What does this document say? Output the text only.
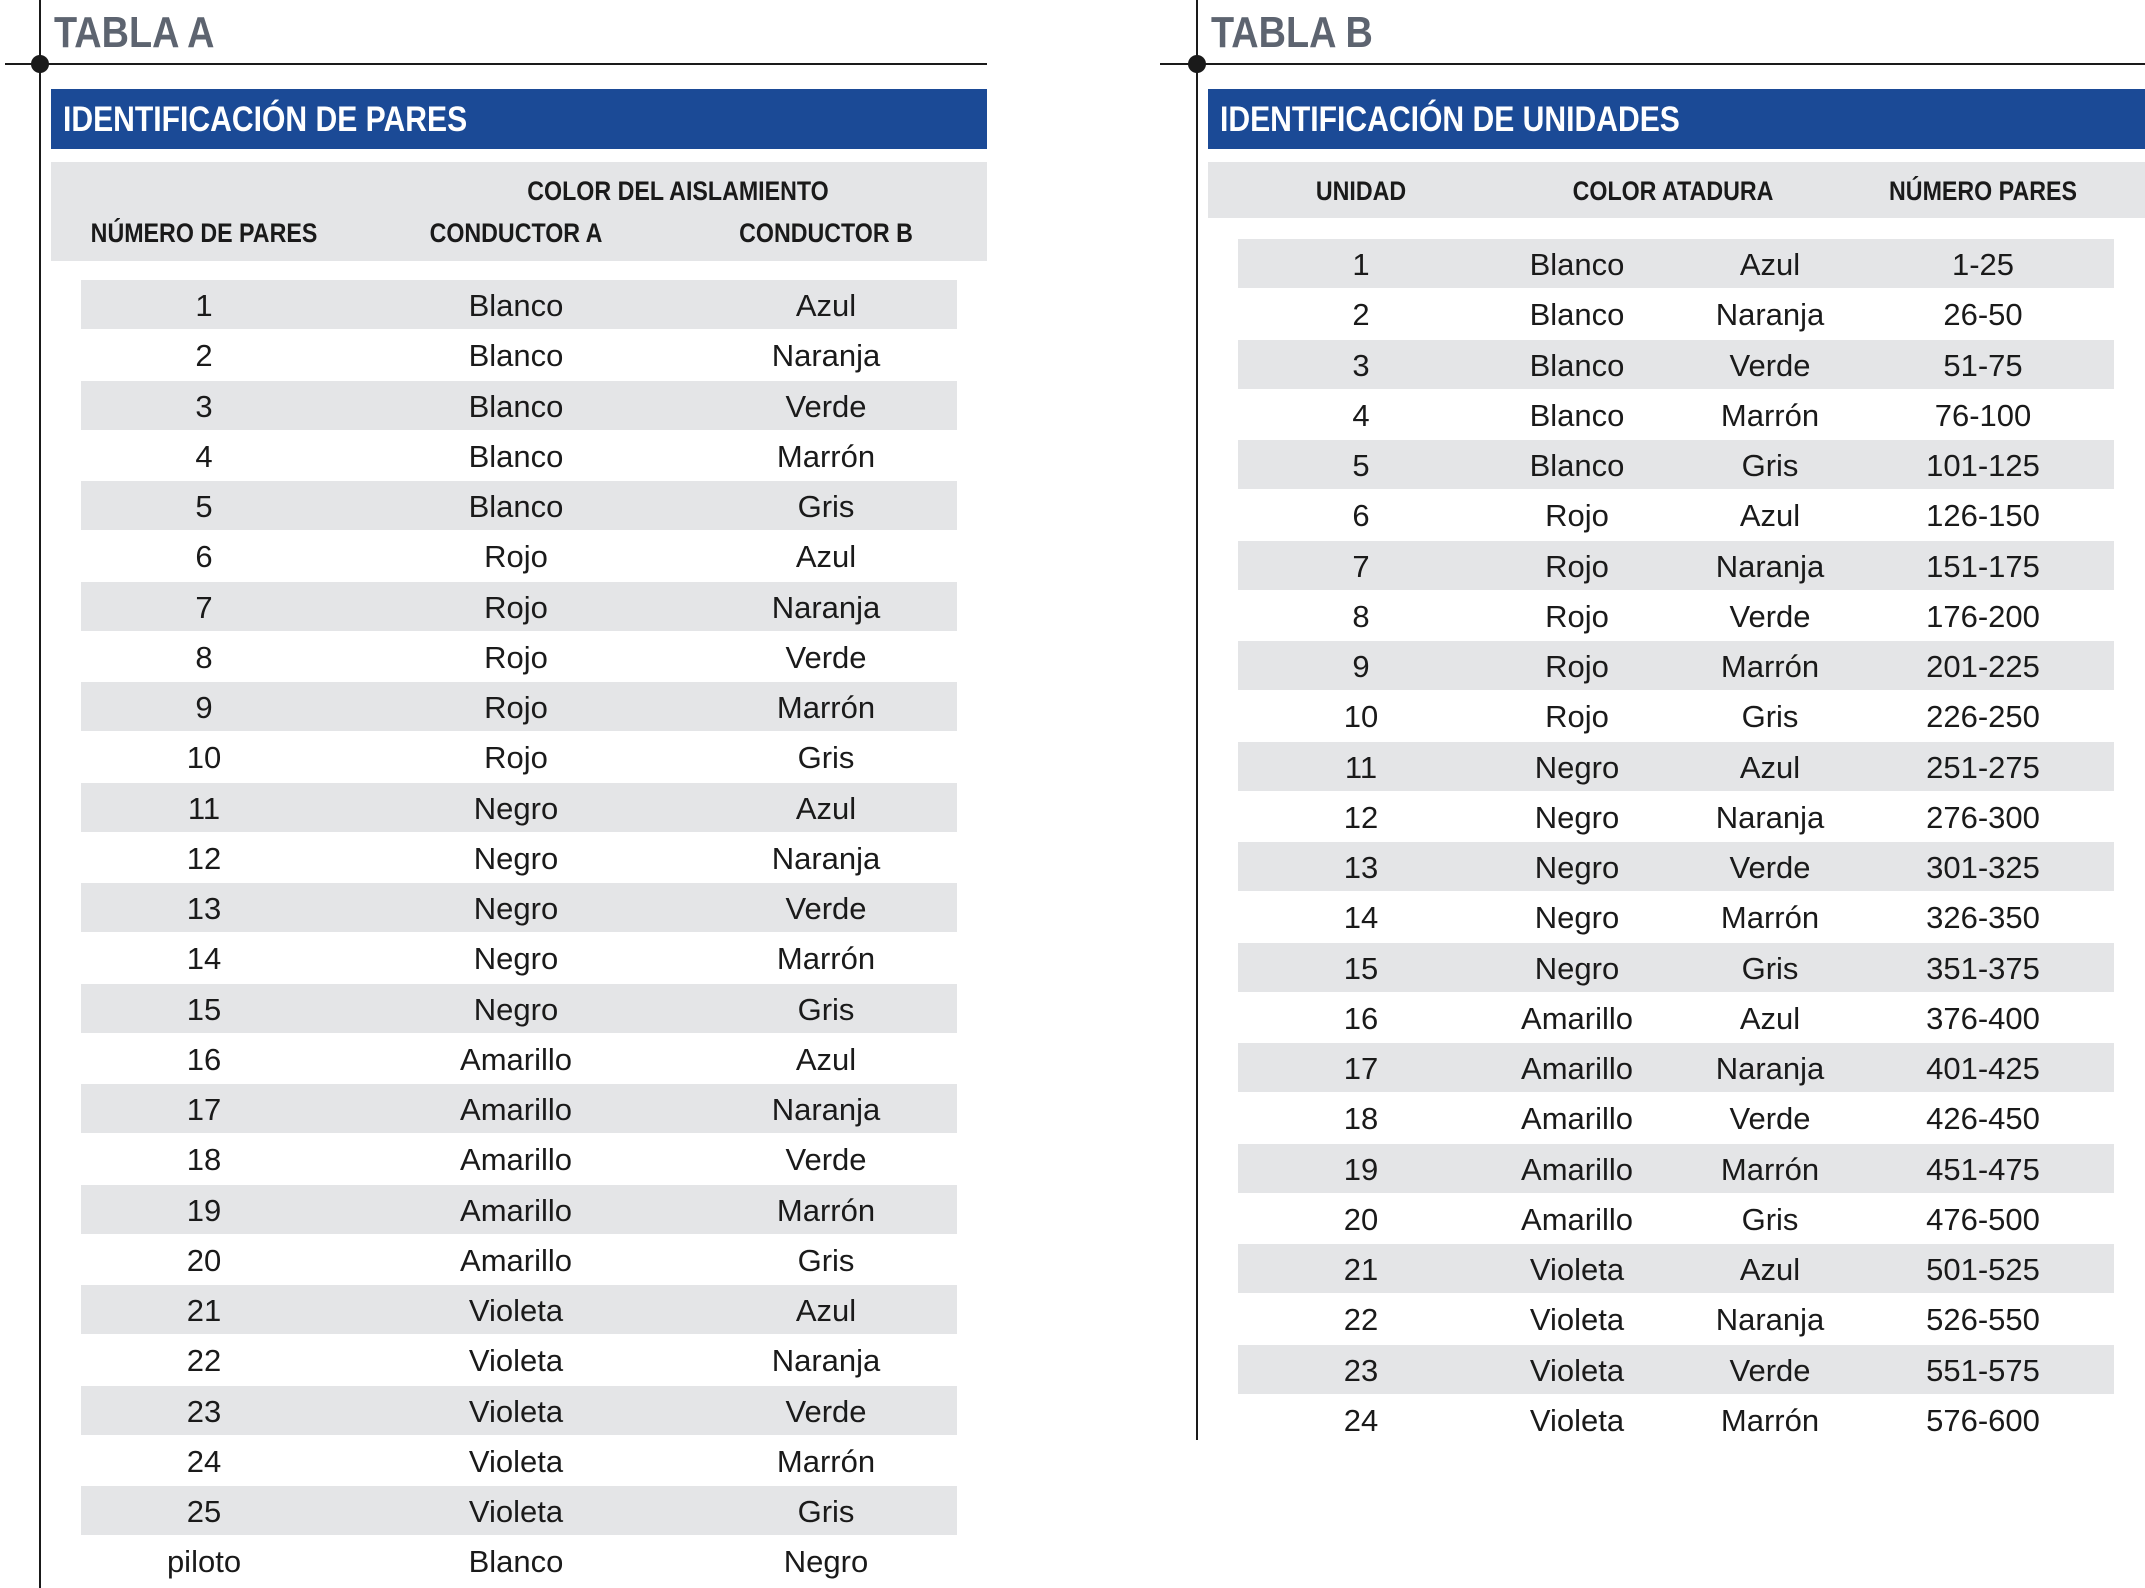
TABLA A
IDENTIFICACIÓN DE PARES
COLOR DEL AISLAMIENTO
NÚMERO DE PARES	CONDUCTOR A	CONDUCTOR B
1	Blanco	Azul
2	Blanco	Naranja
3	Blanco	Verde
4	Blanco	Marrón
5	Blanco	Gris
6	Rojo	Azul
7	Rojo	Naranja
8	Rojo	Verde
9	Rojo	Marrón
10	Rojo	Gris
11	Negro	Azul
12	Negro	Naranja
13	Negro	Verde
14	Negro	Marrón
15	Negro	Gris
16	Amarillo	Azul
17	Amarillo	Naranja
18	Amarillo	Verde
19	Amarillo	Marrón
20	Amarillo	Gris
21	Violeta	Azul
22	Violeta	Naranja
23	Violeta	Verde
24	Violeta	Marrón
25	Violeta	Gris
piloto	Blanco	Negro
TABLA B
IDENTIFICACIÓN DE UNIDADES
UNIDAD	COLOR ATADURA	NÚMERO PARES
1	Blanco	Azul	1-25
2	Blanco	Naranja	26-50
3	Blanco	Verde	51-75
4	Blanco	Marrón	76-100
5	Blanco	Gris	101-125
6	Rojo	Azul	126-150
7	Rojo	Naranja	151-175
8	Rojo	Verde	176-200
9	Rojo	Marrón	201-225
10	Rojo	Gris	226-250
11	Negro	Azul	251-275
12	Negro	Naranja	276-300
13	Negro	Verde	301-325
14	Negro	Marrón	326-350
15	Negro	Gris	351-375
16	Amarillo	Azul	376-400
17	Amarillo	Naranja	401-425
18	Amarillo	Verde	426-450
19	Amarillo	Marrón	451-475
20	Amarillo	Gris	476-500
21	Violeta	Azul	501-525
22	Violeta	Naranja	526-550
23	Violeta	Verde	551-575
24	Violeta	Marrón	576-600
